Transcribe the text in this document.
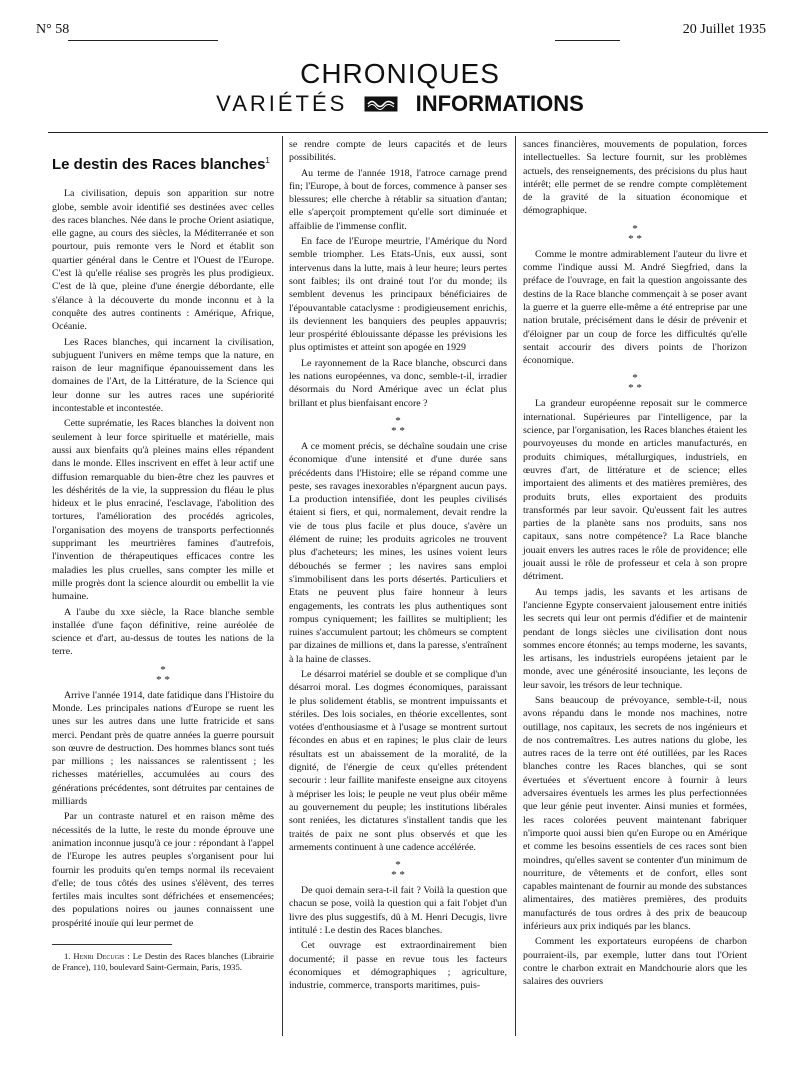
N° 58	20 Juillet 1935
CHRONIQUES
VARIÉTÉS	INFORMATIONS
Le destin des Races blanches$^1$

La civilisation, depuis son apparition sur notre globe, semble avoir identifié ses destinées avec celles des races blanches. Née dans le proche Orient asiatique, elle gagne, au cours des siècles, la Méditerranée et son pourtour, puis remonte vers le Nord et établit son quartier général dans le Centre et l'Ouest de l'Europe. C'est là qu'elle réalise ses progrès les plus prodigieux. C'est de là que, pleine d'une énergie débordante, elle s'élance à la découverte du monde inconnu et à la conquête des autres continents : Amérique, Afrique, Océanie.

Les Races blanches, qui incarnent la civilisation, subjuguent l'univers en même temps que la nature, en raison de leur magnifique épanouissement dans les domaines de l'Art, de la Littérature, de la Science qui leur donne sur les autres races une supériorité incontestable et incontestée.

Cette suprématie, les Races blanches la doivent non seulement à leur force spirituelle et matérielle, mais aussi aux bienfaits qu'à pleines mains elles répandent dans le monde. Elles inscrivent en effet à leur actif une diffusion remarquable du bien-être chez les pauvres et les déshérités de la vie, la suppression du fléau le plus hideux et le plus enraciné, l'esclavage, l'abolition des tortures, l'amélioration des procédés agricoles, l'organisation des moyens de transports perfectionnés supprimant les meurtrières famines d'autrefois, l'invention de thérapeutiques efficaces contre les maladies les plus cruelles, sans compter les mille et mille progrès dont la science alourdit ou embellit la vie humaine.

A l'aube du xxe siècle, la Race blanche semble installée d'une façon définitive, reine auréolée de science et d'art, au-dessus de toutes les nations de la terre.

*
* *

Arrive l'année 1914, date fatidique dans l'Histoire du Monde. Les principales nations d'Europe se ruent les unes sur les autres dans une lutte fratricide et sans merci. Pendant près de quatre années la guerre poursuit son œuvre de destruction. Des hommes blancs sont tués par millions ; les naissances se ralentissent ; les richesses matérielles, accumulées au cours des générations précédentes, sont détruites par centaines de milliards

Par un contraste naturel et en raison même des nécessités de la lutte, le reste du monde éprouve une animation inconnue jusqu'à ce jour : répondant à l'appel de l'Europe les autres peuples s'organisent pour lui fournir les produits qu'en temps normal ils recevaient d'elle; de tous côtés des usines s'élèvent, des terres fertiles mais incultes sont défrichées et ensemencées; des populations noires ou jaunes connaissent une prospérité inouïe qui leur permet de

1. Henri Decugis : Le Destin des Races blanches (Librairie de France), 110, boulevard Saint-Germain, Paris, 1935.

se rendre compte de leurs capacités et de leurs possibilités.

Au terme de l'année 1918, l'atroce carnage prend fin; l'Europe, à bout de forces, commence à panser ses blessures; elle cherche à rétablir sa situation d'antan; elle s'aperçoit promptement qu'elle sort diminuée et affaiblie de l'immense conflit.

En face de l'Europe meurtrie, l'Amérique du Nord semble triompher. Les Etats-Unis, eux aussi, sont intervenus dans la lutte, mais à leur heure; leurs pertes sont faibles; ils ont drainé tout l'or du monde; ils semblent devenus les principaux bénéficiaires de l'épouvantable cataclysme : prodigieusement enrichis, ils deviennent les banquiers des peuples appauvris; leur prospérité éblouissante dépasse les prévisions les plus optimistes et atteint son apogée en 1929

Le rayonnement de la Race blanche, obscurci dans les nations européennes, va donc, semble-t-il, irradier désormais du Nord Amérique avec un éclat plus brillant et plus bienfaisant encore ?

*
* *

A ce moment précis, se déchaîne soudain une crise économique d'une intensité et d'une durée sans précédents dans l'Histoire; elle se répand comme une peste, ses ravages inexorables n'épargnent aucun pays. La production intensifiée, dont les peuples civilisés étaient si fiers, et qui, normalement, devait rendre la vie de tous plus facile et plus douce, s'avère un élément de ruine; les produits agricoles ne trouvent plus d'acheteurs; les mines, les usines voient leurs débouchés se fermer ; les navires sans emploi s'immobilisent dans les ports désertés. Particuliers et Etats ne peuvent plus faire honneur à leurs engagements, les contrats les plus authentiques sont rompus cyniquement; les faillites se multiplient; les ruines s'accumulent partout; les chômeurs se comptent par dizaines de millions et, dans la paresse, s'entraînent à la haine de classes.

Le désarroi matériel se double et se complique d'un désarroi moral. Les dogmes économiques, paraissant le plus solidement établis, se montrent impuissants et stériles. Des lois sociales, en théorie excellentes, sont votées d'enthousiasme et à l'usage se montrent surtout fécondes en abus et en rapines; le plus clair de leurs résultats est un abaissement de la moralité, de la dignité, de l'énergie de ceux qu'elles prétendent secourir : leur faillite manifeste enseigne aux citoyens à mépriser les lois; le peuple ne veut plus obéir même au gouvernement du peuple; les institutions libérales sont reniées, les dictatures s'installent tandis que les traités de paix ne sont plus observés et que les armements continuent à une cadence accélérée.

*
* *

De quoi demain sera-t-il fait ? Voilà la question que chacun se pose, voilà la question qui a fait l'objet d'un livre des plus suggestifs, dû à M. Henri Decugis, livre intitulé : Le destin des Races blanches.

Cet ouvrage est extraordinairement bien documenté; il passe en revue tous les facteurs économiques et démographiques ; agriculture, industrie, commerce, transports maritimes, puis-

sances financières, mouvements de population, forces intellectuelles. Sa lecture fournit, sur les problèmes actuels, des renseignements, des précisions du plus haut intérêt; elle permet de se rendre compte complètement de la gravité de la situation économique et démographique.

*
* *

Comme le montre admirablement l'auteur du livre et comme l'indique aussi M. André Siegfried, dans la préface de l'ouvrage, en fait la question angoissante des destins de la Race blanche commençait à se poser avant la guerre et la guerre elle-même a été entreprise par une nation brutale, précisément dans le désir de prévenir et d'éloigner par un coup de force les difficultés qu'elle sentait accourir des divers points de l'horizon économique.

*
* *

La grandeur européenne reposait sur le commerce international. Supérieures par l'intelligence, par la science, par l'organisation, les Races blanches étaient les pourvoyeuses du monde en articles manufacturés, en produits chimiques, métallurgiques, industriels, en œuvres d'art, de littérature et de science; elles importaient des aliments et des matières premières, des produits bruts, elles exportaient des produits transformés par leur savoir. Qu'eussent fait les autres parties de la planète sans nos produits, sans nos capitaux, sans notre compétence? La Race blanche jouait envers les autres races le rôle de providence; elle jouait aussi le rôle de professeur et cela à son propre détriment.

Au temps jadis, les savants et les artisans de l'ancienne Egypte conservaient jalousement entre initiés les secrets qui leur ont permis d'édifier et de maintenir pendant de longs siècles une civilisation dont nous sommes encore étonnés; au temps moderne, les savants, les artisans, les industriels européens jetaient par le monde, avec une générosité insouciante, les leçons de leur savoir, les trésors de leur technique.

Sans beaucoup de prévoyance, semble-t-il, nous avons répandu dans le monde nos machines, notre outillage, nos capitaux, les secrets de nos ingénieurs et de nos contremaîtres. Les autres nations du globe, les autres races de la terre ont été outillées, par les Races blanches contre les Races blanches, qui se sont évertuées et s'évertuent encore à fournir à leurs adversaires éventuels les armes les plus perfectionnées que leur génie peut inventer. Ainsi munies et formées, les races colorées peuvent maintenant fabriquer n'importe quoi aussi bien qu'en Europe ou en Amérique et comme les besoins essentiels de ces races sont bien moindres, qu'elles savent se contenter d'un minimum de nourriture, de vêtements et de confort, elles sont capables maintenant de fournir au monde des substances alimentaires, des matières premières, des produits manufacturés de tous ordres à des prix de beaucoup inférieurs aux prix indiqués par les blancs.

Comment les exportateurs européens de charbon pourraient-ils, par exemple, lutter dans tout l'Orient contre le charbon extrait en Mandchourie alors que les salaires des ouvriers
